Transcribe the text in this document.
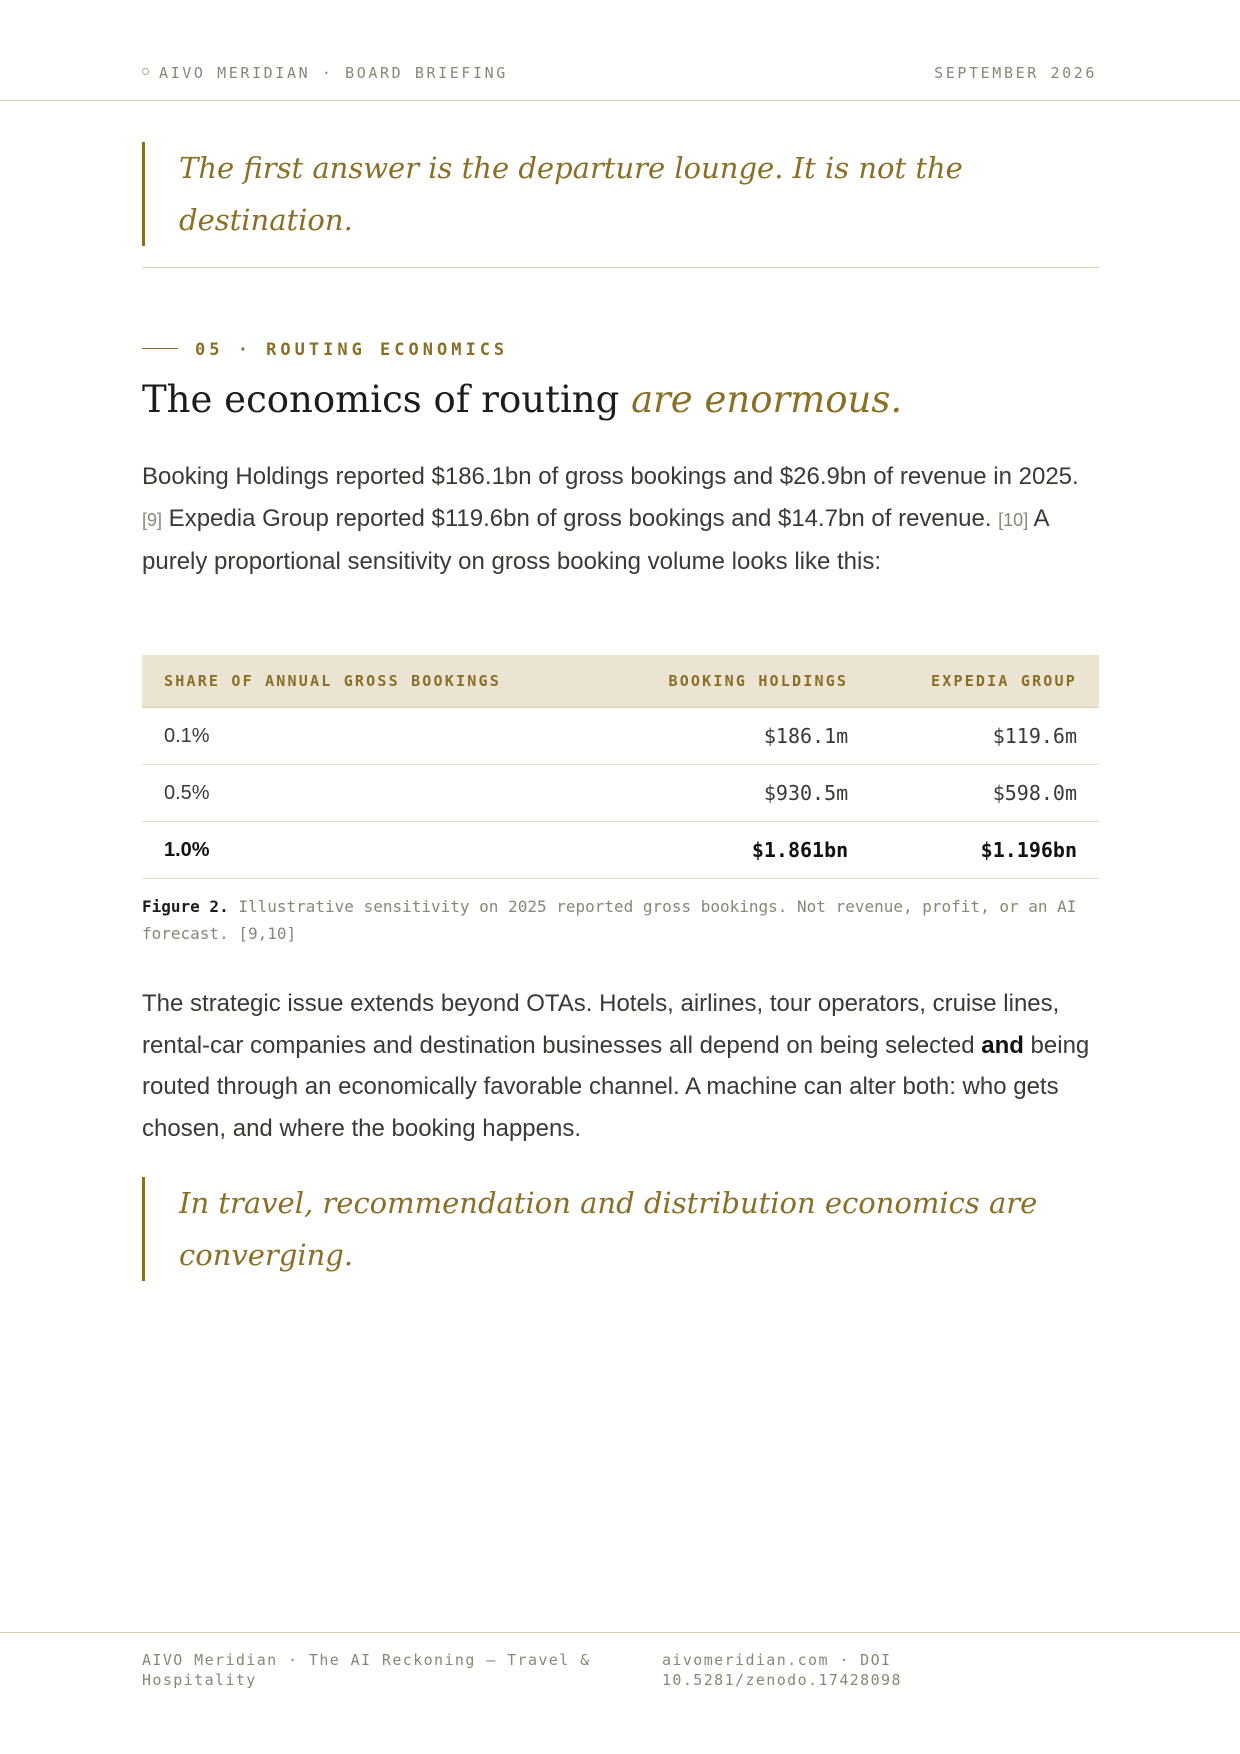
AIVO MERIDIAN · BOARD BRIEFING	SEPTEMBER 2026
The first answer is the departure lounge. It is not the destination.
05 · ROUTING ECONOMICS
The economics of routing are enormous.
Booking Holdings reported $186.1bn of gross bookings and $26.9bn of revenue in 2025. [9] Expedia Group reported $119.6bn of gross bookings and $14.7bn of revenue. [10] A purely proportional sensitivity on gross booking volume looks like this:
SHARE OF ANNUAL GROSS BOOKINGS	BOOKING HOLDINGS	EXPEDIA GROUP
0.1%	$186.1m	$119.6m
0.5%	$930.5m	$598.0m
1.0%	$1.861bn	$1.196bn
Figure 2. Illustrative sensitivity on 2025 reported gross bookings. Not revenue, profit, or an AI forecast. [9,10]
The strategic issue extends beyond OTAs. Hotels, airlines, tour operators, cruise lines, rental-car companies and destination businesses all depend on being selected and being routed through an economically favorable channel. A machine can alter both: who gets chosen, and where the booking happens.
In travel, recommendation and distribution economics are converging.
AIVO Meridian · The AI Reckoning — Travel & Hospitality
aivomeridian.com · DOI 10.5281/zenodo.17428098
